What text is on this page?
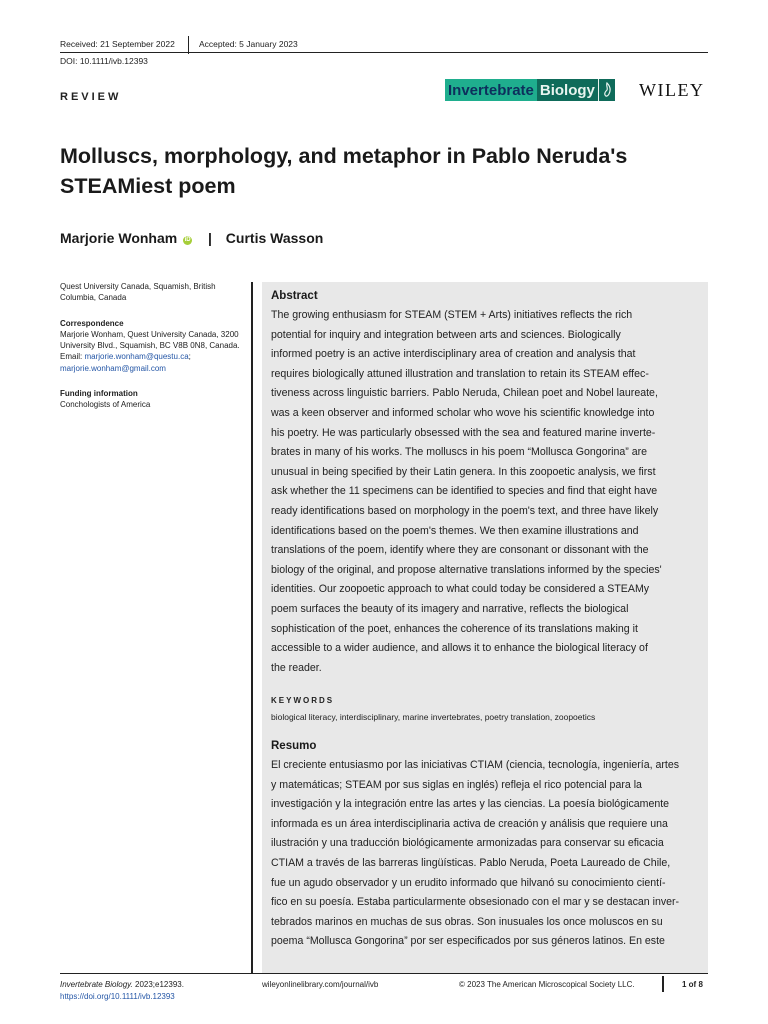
Received: 21 September 2022	Accepted: 5 January 2023
DOI: 10.1111/ivb.12393
REVIEW	Invertebrate Biology WILEY
Molluscs, morphology, and metaphor in Pablo Neruda's
STEAMiest poem
Marjorie Wonham iD | Curtis Wasson
Quest University Canada, Squamish, British Columbia, Canada
Correspondence
Marjorie Wonham, Quest University Canada, 3200 University Blvd., Squamish, BC V8B 0N8, Canada.
Email: marjorie.wonham@questu.ca;
marjorie.wonham@gmail.com
Funding information
Conchologists of America
Abstract
The growing enthusiasm for STEAM (STEM + Arts) initiatives reflects the rich
potential for inquiry and integration between arts and sciences. Biologically
informed poetry is an active interdisciplinary area of creation and analysis that
requires biologically attuned illustration and translation to retain its STEAM effec-
tiveness across linguistic barriers. Pablo Neruda, Chilean poet and Nobel laureate,
was a keen observer and informed scholar who wove his scientific knowledge into
his poetry. He was particularly obsessed with the sea and featured marine inverte-
brates in many of his works. The molluscs in his poem “Mollusca Gongorina” are
unusual in being specified by their Latin genera. In this zoopoetic analysis, we first
ask whether the 11 specimens can be identified to species and find that eight have
ready identifications based on morphology in the poem's text, and three have likely
identifications based on the poem's themes. We then examine illustrations and
translations of the poem, identify where they are consonant or dissonant with the
biology of the original, and propose alternative translations informed by the species'
identities. Our zoopoetic approach to what could today be considered a STEAMy
poem surfaces the beauty of its imagery and narrative, reflects the biological
sophistication of the poet, enhances the coherence of its translations making it
accessible to a wider audience, and allows it to enhance the biological literacy of
the reader.
KEYWORDS
biological literacy, interdisciplinary, marine invertebrates, poetry translation, zoopoetics
Resumo
El creciente entusiasmo por las iniciativas CTIAM (ciencia, tecnología, ingeniería, artes
y matemáticas; STEAM por sus siglas en inglés) refleja el rico potencial para la
investigación y la integración entre las artes y las ciencias. La poesía biológicamente
informada es un área interdisciplinaria activa de creación y análisis que requiere una
ilustración y una traducción biológicamente armonizadas para conservar su eficacia
CTIAM a través de las barreras lingüísticas. Pablo Neruda, Poeta Laureado de Chile,
fue un agudo observador y un erudito informado que hilvanó su conocimiento cientí-
fico en su poesía. Estaba particularmente obsesionado con el mar y se destacan inver-
tebrados marinos en muchas de sus obras. Son inusuales los once moluscos en su
poema “Mollusca Gongorina” por ser especificados por sus géneros latinos. En este
Invertebrate Biology. 2023;e12393.
https://doi.org/10.1111/ivb.12393
wileyonlinelibrary.com/journal/ivb	© 2023 The American Microscopical Society LLC.	1 of 8
